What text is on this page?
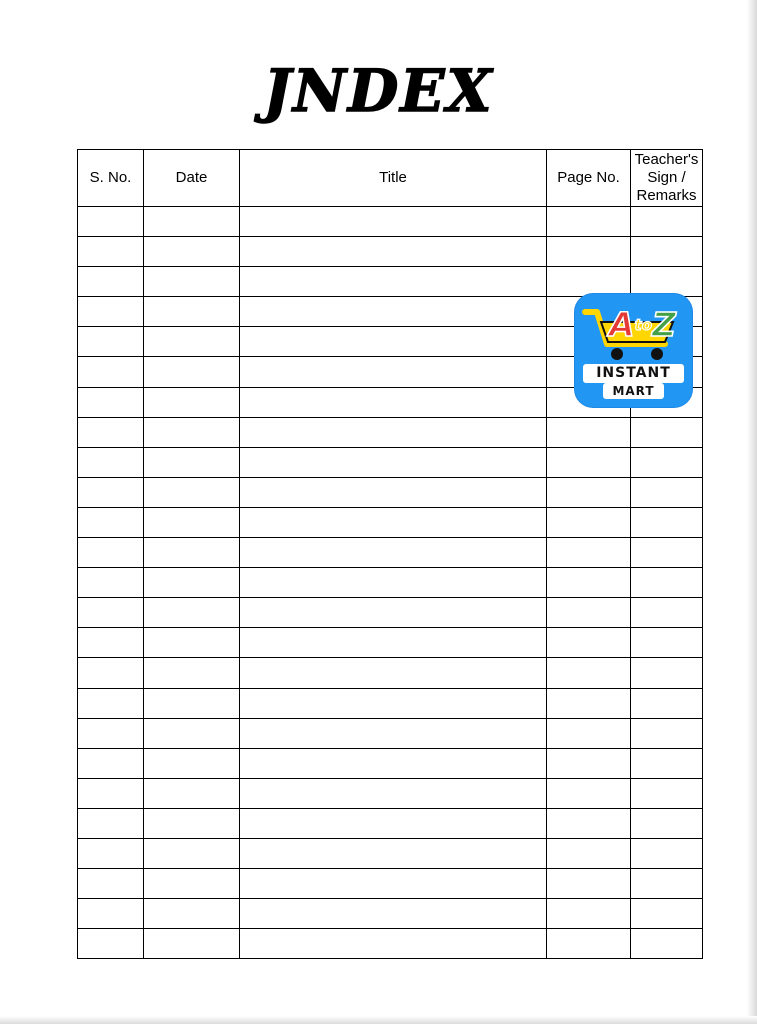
JNDEX
S. No.	Date	Title	Page No.	Teacher's Sign / Remarks

AtoZ
INSTANT
MART
